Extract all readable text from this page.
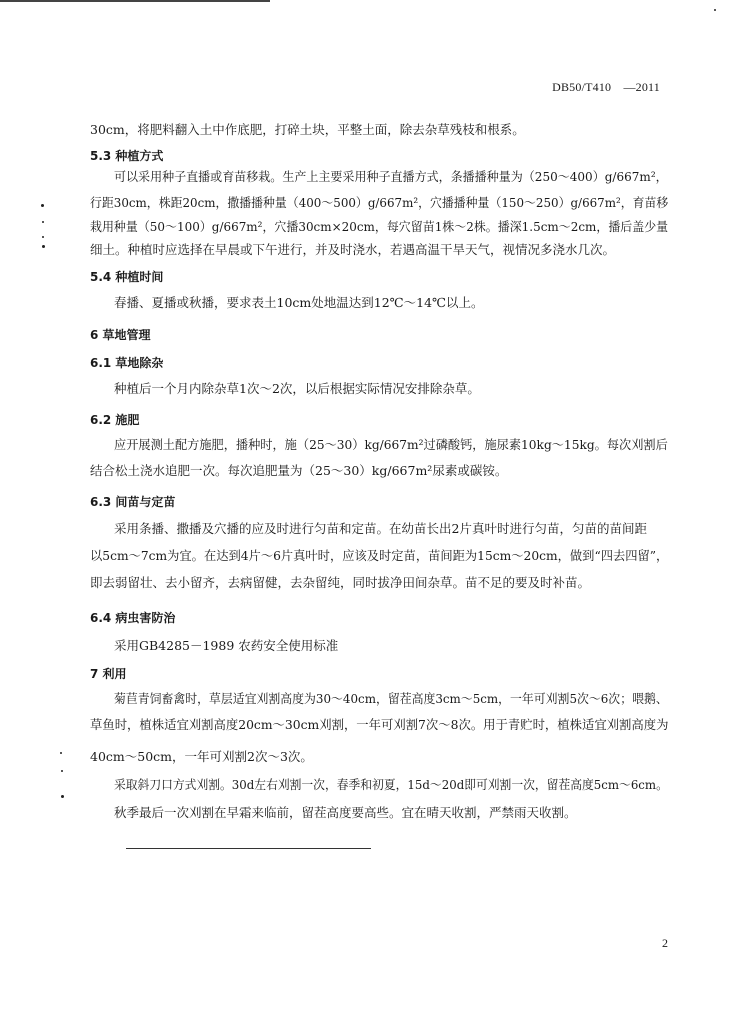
DB50/T410　—2011
30cm，将肥料翻入土中作底肥，打碎土块，平整土面，除去杂草残枝和根系。
5.3 种植方式
可以采用种子直播或育苗移栽。生产上主要采用种子直播方式，条播播种量为（250～400）g/667m²，
行距30cm，株距20cm，撒播播种量（400～500）g/667m²，穴播播种量（150～250）g/667m²，育苗移
栽用种量（50～100）g/667m²，穴播30cm×20cm，每穴留苗1株～2株。播深1.5cm～2cm，播后盖少量
细土。种植时应选择在早晨或下午进行，并及时浇水，若遇高温干旱天气，视情况多浇水几次。
5.4 种植时间
春播、夏播或秋播，要求表土10cm处地温达到12℃～14℃以上。
6 草地管理
6.1 草地除杂
种植后一个月内除杂草1次～2次，以后根据实际情况安排除杂草。
6.2 施肥
应开展测土配方施肥，播种时，施（25～30）kg/667m²过磷酸钙，施尿素10kg～15kg。每次刈割后
结合松土浇水追肥一次。每次追肥量为（25～30）kg/667m²尿素或碳铵。
6.3 间苗与定苗
采用条播、撒播及穴播的应及时进行匀苗和定苗。在幼苗长出2片真叶时进行匀苗，匀苗的苗间距
以5cm～7cm为宜。在达到4片～6片真叶时，应该及时定苗，苗间距为15cm～20cm，做到“四去四留”，
即去弱留壮、去小留齐，去病留健，去杂留纯，同时拔净田间杂草。苗不足的要及时补苗。
6.4 病虫害防治
采用GB4285－1989 农药安全使用标准
7 利用
菊苣青饲畜禽时，草层适宜刈割高度为30～40cm，留茬高度3cm～5cm，一年可刈割5次～6次；喂鹅、
草鱼时，植株适宜刈割高度20cm～30cm刈割，一年可刈割7次～8次。用于青贮时，植株适宜刈割高度为
40cm～50cm，一年可刈割2次～3次。
采取斜刀口方式刈割。30d左右刈割一次，春季和初夏，15d～20d即可刈割一次，留茬高度5cm～6cm。
秋季最后一次刈割在早霜来临前，留茬高度要高些。宜在晴天收割，严禁雨天收割。
2
